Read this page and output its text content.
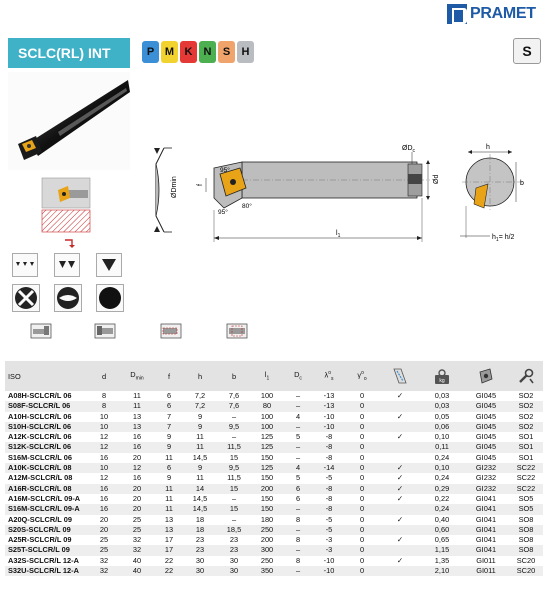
PRAMET
SCLC(RL) INT	P M K	N	S	H	S
ØDmin	f
95°
95°
80°
$ØD_c$
Ød
$l_1$
h
b
$h_1= h/2$
ISO	d	$D_{min}$	f	h	b	$l_1$	$D_c$	$\lambda^o_s$	$\gamma^o_o$		kg

A08H-SCLCR/L 06	8	11	6	7,2	7,6	100	–	-13	0	✓	0,03	GI045	SO2
S08F-SCLCR/L 06	8	11	6	7,2	7,6	80	–	-13	0		0,03	GI045	SO2
A10H-SCLCR/L 06	10	13	7	9	–	100	4	-10	0	✓	0,05	GI045	SO2
S10H-SCLCR/L 06	10	13	7	9	9,5	100	–	-10	0		0,06	GI045	SO2
A12K-SCLCR/L 06	12	16	9	11	–	125	5	-8	0	✓	0,10	GI045	SO1
S12K-SCLCR/L 06	12	16	9	11	11,5	125	–	-8	0		0,11	GI045	SO1
S16M-SCLCR/L 06	16	20	11	14,5	15	150	–	-8	0		0,24	GI045	SO1
A10K-SCLCR/L 08	10	12	6	9	9,5	125	4	-14	0	✓	0,10	GI232	SC22
A12M-SCLCR/L 08	12	16	9	11	11,5	150	5	-5	0	✓	0,24	GI232	SC22
A16R-SCLCR/L 08	16	20	11	14	15	200	6	-8	0	✓	0,29	GI232	SC22
A16M-SCLCR/L 09-A	16	20	11	14,5	–	150	6	-8	0	✓	0,22	GI041	SO5
S16M-SCLCR/L 09-A	16	20	11	14,5	15	150	–	-8	0		0,24	GI041	SO5
A20Q-SCLCR/L 09	20	25	13	18	–	180	8	-5	0	✓	0,40	GI041	SO8
S20S-SCLCR/L 09	20	25	13	18	18,5	250	–	-5	0		0,60	GI041	SO8
A25R-SCLCR/L 09	25	32	17	23	23	200	8	-3	0	✓	0,65	GI041	SO8
S25T-SCLCR/L 09	25	32	17	23	23	300	–	-3	0		1,15	GI041	SO8
A32S-SCLCR/L 12-A	32	40	22	30	30	250	8	-10	0	✓	1,35	GI011	SC20
S32U-SCLCR/L 12-A	32	40	22	30	30	350	–	-10	0		2,10	GI011	SC20
